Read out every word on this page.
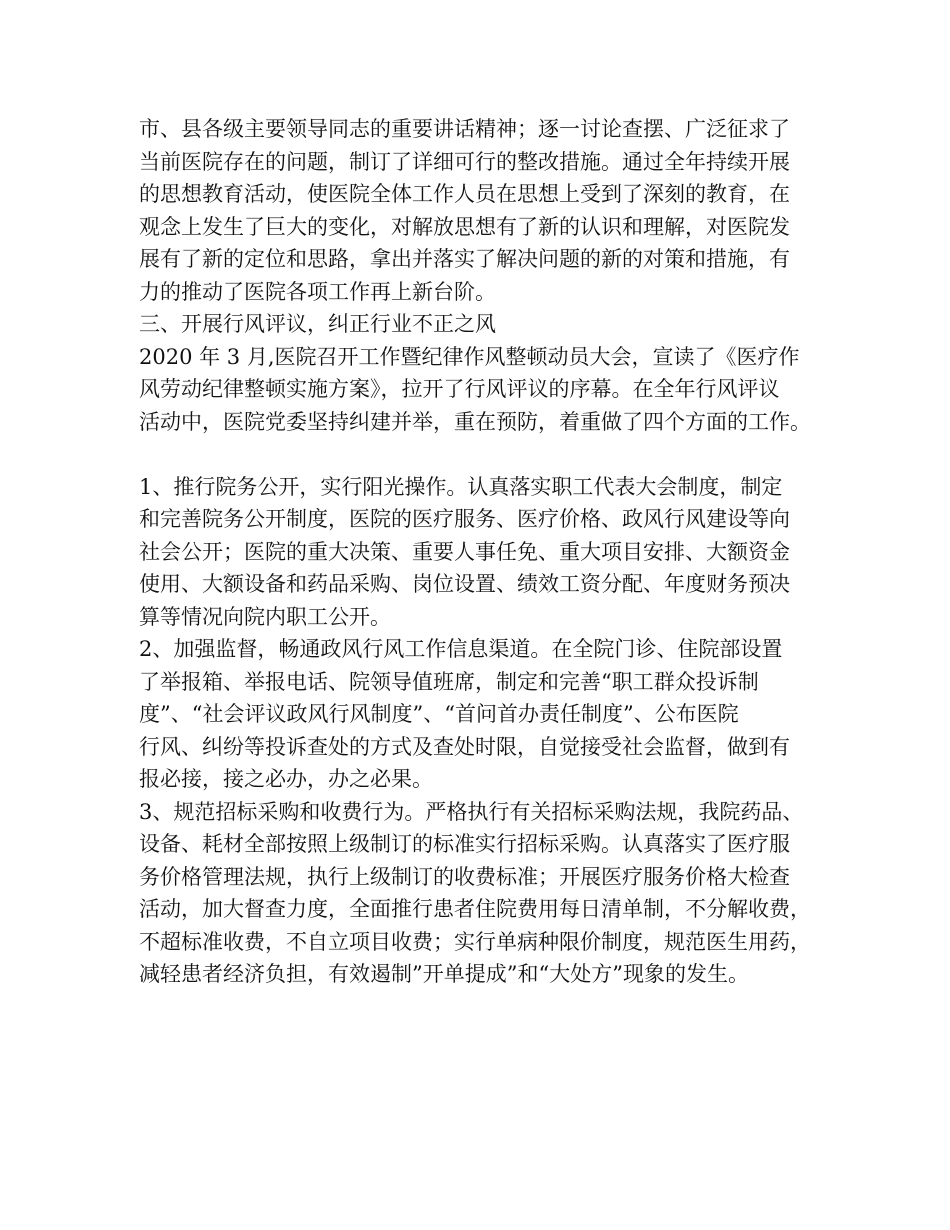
市、县各级主要领导同志的重要讲话精神；逐一讨论查摆、广泛征求了
当前医院存在的问题，制订了详细可行的整改措施。通过全年持续开展
的思想教育活动，使医院全体工作人员在思想上受到了深刻的教育，在
观念上发生了巨大的变化，对解放思想有了新的认识和理解，对医院发
展有了新的定位和思路，拿出并落实了解决问题的新的对策和措施，有
力的推动了医院各项工作再上新台阶。
三、开展行风评议，纠正行业不正之风
2020 年 3 月,医院召开工作暨纪律作风整顿动员大会，宣读了《医疗作
风劳动纪律整顿实施方案》，拉开了行风评议的序幕。在全年行风评议
活动中，医院党委坚持纠建并举，重在预防，着重做了四个方面的工作。
1、推行院务公开，实行阳光操作。认真落实职工代表大会制度，制定
和完善院务公开制度，医院的医疗服务、医疗价格、政风行风建设等向
社会公开；医院的重大决策、重要人事任免、重大项目安排、大额资金
使用、大额设备和药品采购、岗位设置、绩效工资分配、年度财务预决
算等情况向院内职工公开。
2、加强监督，畅通政风行风工作信息渠道。在全院门诊、住院部设置
了举报箱、举报电话、院领导值班席，制定和完善“职工群众投诉制
度”、“社会评议政风行风制度”、“首问首办责任制度”、公布医院
行风、纠纷等投诉查处的方式及查处时限，自觉接受社会监督，做到有
报必接，接之必办，办之必果。
3、规范招标采购和收费行为。严格执行有关招标采购法规，我院药品、
设备、耗材全部按照上级制订的标准实行招标采购。认真落实了医疗服
务价格管理法规，执行上级制订的收费标准；开展医疗服务价格大检查
活动，加大督查力度，全面推行患者住院费用每日清单制，不分解收费，
不超标准收费，不自立项目收费；实行单病种限价制度，规范医生用药，
减轻患者经济负担，有效遏制”开单提成”和“大处方”现象的发生。
